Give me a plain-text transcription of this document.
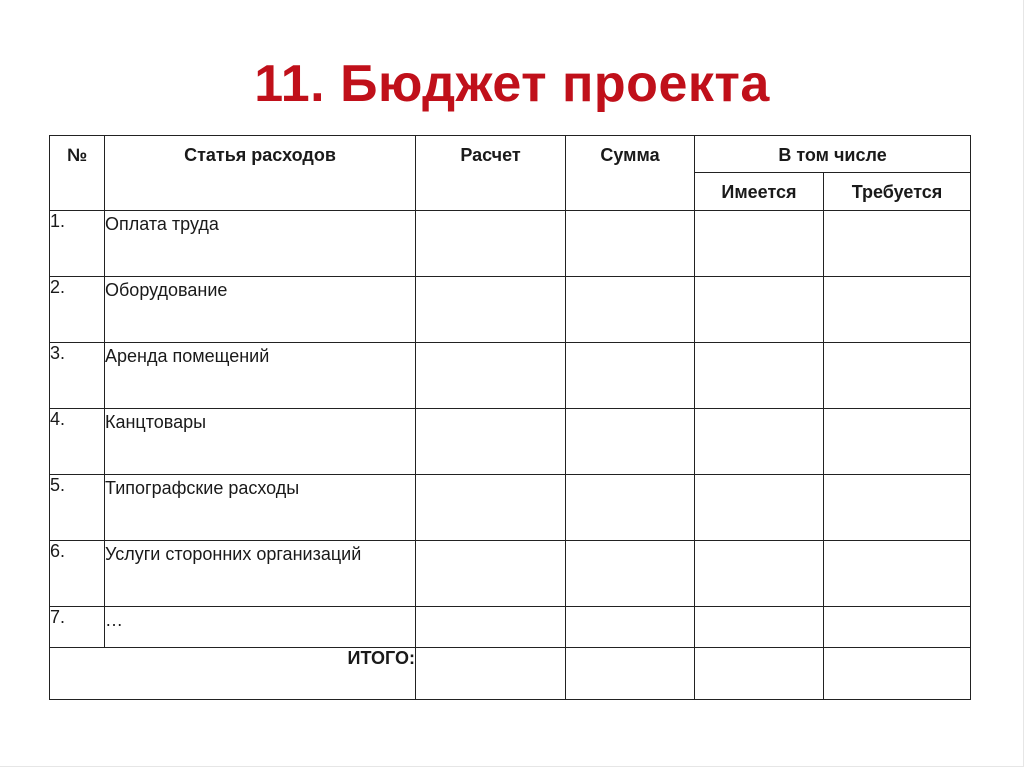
11. Бюджет проекта
№	Статья расходов	Расчет	Сумма	В том числе	
				Имеется	Требуется
1.	Оплата труда				
2.	Оборудование				
3.	Аренда помещений				
4.	Канцтовары				
5.	Типографские расходы				
6.	Услуги сторонних организаций				
7.	…				
ИТОГО:					
